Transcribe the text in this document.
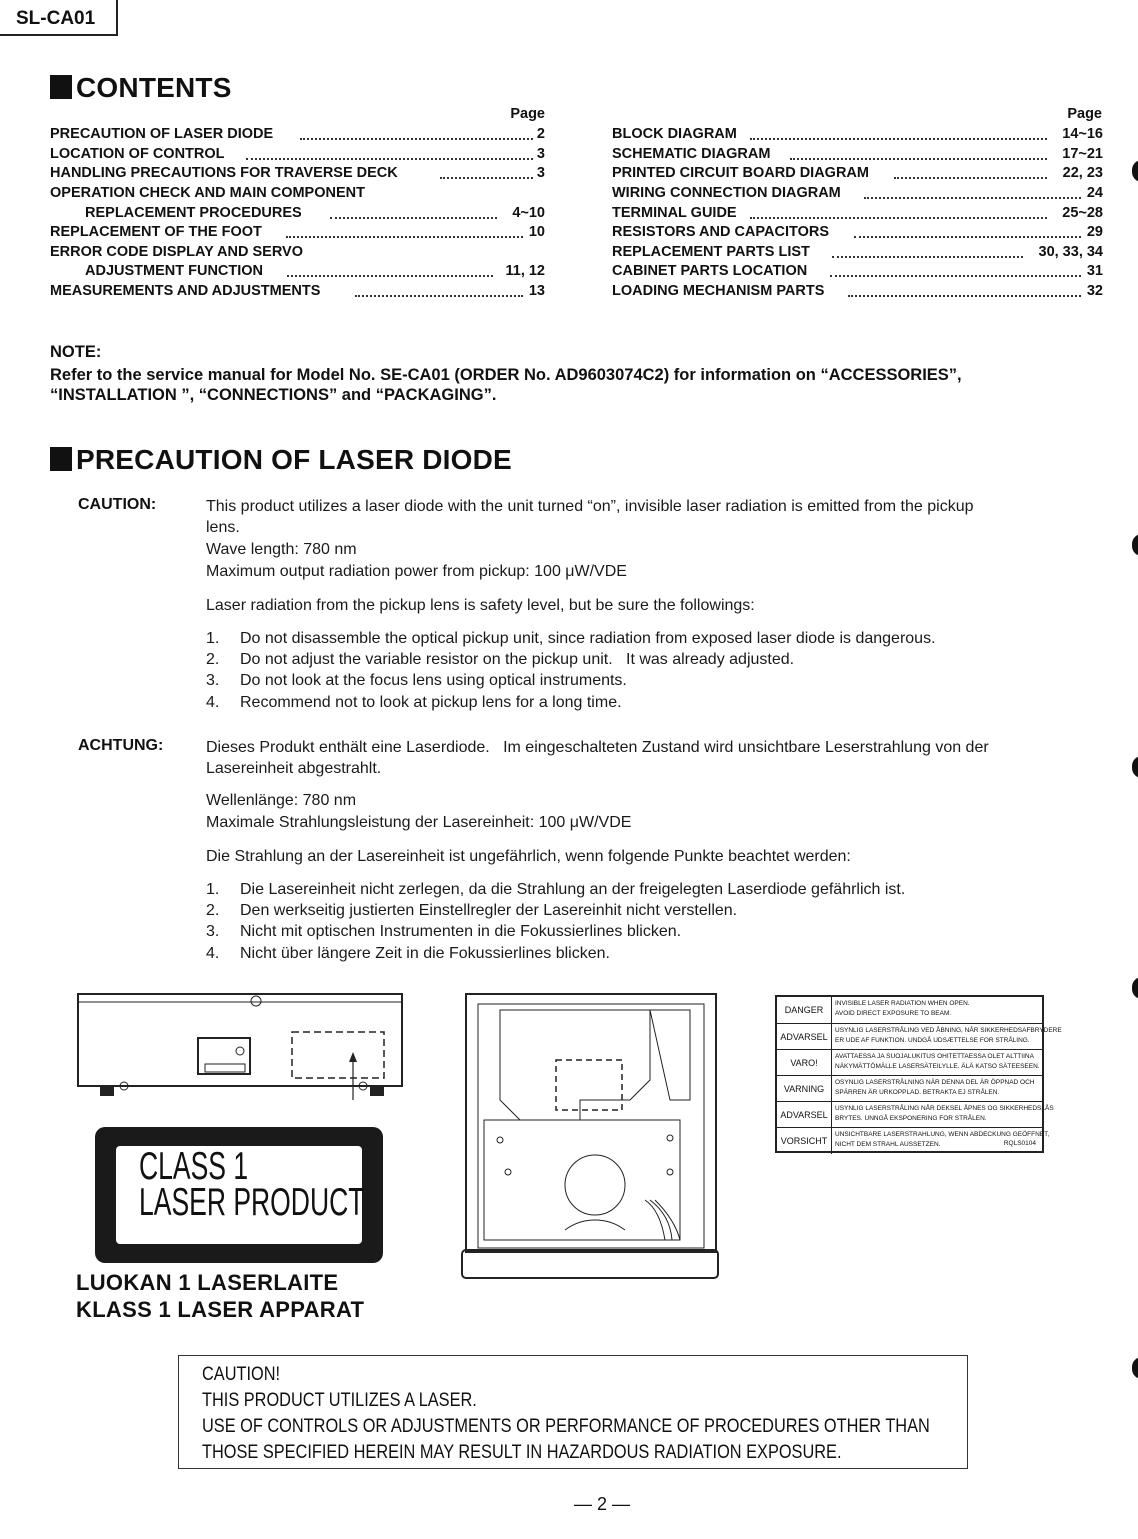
SL-CA01
CONTENTS
Page	Page
PRECAUTION OF LASER DIODE	2
LOCATION OF CONTROL	3
HANDLING PRECAUTIONS FOR TRAVERSE DECK	3
OPERATION CHECK AND MAIN COMPONENT
REPLACEMENT PROCEDURES	4~10
REPLACEMENT OF THE FOOT	10
ERROR CODE DISPLAY AND SERVO
ADJUSTMENT FUNCTION	11, 12
MEASUREMENTS AND ADJUSTMENTS	13
BLOCK DIAGRAM	14~16
SCHEMATIC DIAGRAM	17~21
PRINTED CIRCUIT BOARD DIAGRAM	22, 23
WIRING CONNECTION DIAGRAM	24
TERMINAL GUIDE	25~28
RESISTORS AND CAPACITORS	29
REPLACEMENT PARTS LIST	30, 33, 34
CABINET PARTS LOCATION	31
LOADING MECHANISM PARTS	32
NOTE:
Refer to the service manual for Model No. SE-CA01 (ORDER No. AD9603074C2) for information on “ACCESSORIES”,
“INSTALLATION ”, “CONNECTIONS” and “PACKAGING”.
PRECAUTION OF LASER DIODE
CAUTION:	This product utilizes a laser diode with the unit turned “on”, invisible laser radiation is emitted from the pickup
lens.
Wave length: 780 nm
Maximum output radiation power from pickup: 100 μW/VDE
Laser radiation from the pickup lens is safety level, but be sure the followings:
1.	Do not disassemble the optical pickup unit, since radiation from exposed laser diode is dangerous.
2.	Do not adjust the variable resistor on the pickup unit.   It was already adjusted.
3.	Do not look at the focus lens using optical instruments.
4.	Recommend not to look at pickup lens for a long time.
ACHTUNG:	Dieses Produkt enthält eine Laserdiode.   Im eingeschalteten Zustand wird unsichtbare Leserstrahlung von der
Lasereinheit abgestrahlt.
Wellenlänge: 780 nm
Maximale Strahlungsleistung der Lasereinheit: 100 μW/VDE
Die Strahlung an der Lasereinheit ist ungefährlich, wenn folgende Punkte beachtet werden:
1.	Die Lasereinheit nicht zerlegen, da die Strahlung an der freigelegten Laserdiode gefährlich ist.
2.	Den werkseitig justierten Einstellregler der Lasereinhit nicht verstellen.
3.	Nicht mit optischen Instrumenten in die Fokussierlines blicken.
4.	Nicht über längere Zeit in die Fokussierlines blicken.
CLASS 1
LASER PRODUCT
LUOKAN 1 LASERLAITE
KLASS 1 LASER APPARAT
DANGER
INVISIBLE LASER RADIATION WHEN OPEN.
AVOID DIRECT EXPOSURE TO BEAM.
ADVARSEL
USYNLIG LASERSTRÅLING VED ÅBNING, NÅR SIKKERHEDSAFBRYDERE
ER UDE AF FUNKTION. UNDGÅ UDSÆTTELSE FOR STRÅLING.
VARO!
AVATTAESSA JA SUOJALUKITUS OHITETTAESSA OLET ALTTIINA
NÄKYMÄTTÖMÄLLE LASERSÄTEILYLLE. ÄLÄ KATSO SÄTEESEEN.
VARNING
OSYNLIG LASERSTRÅLNING NÄR DENNA DEL ÄR ÖPPNAD OCH
SPÄRREN ÄR URKOPPLAD. BETRAKTA EJ STRÅLEN.
ADVARSEL
USYNLIG LASERSTRÅLING NÅR DEKSEL ÅPNES OG SIKKERHEDSLÅS
BRYTES. UNNGÅ EKSPONERING FOR STRÅLEN.
VORSICHT
UNSICHTBARE LASERSTRAHLUNG, WENN ABDECKUNG GEÖFFNET,
NICHT DEM STRAHL AUSSETZEN.	RQLS0104
CAUTION!
THIS PRODUCT UTILIZES A LASER.
USE OF CONTROLS OR ADJUSTMENTS OR PERFORMANCE OF PROCEDURES OTHER THAN
THOSE SPECIFIED HEREIN MAY RESULT IN HAZARDOUS RADIATION EXPOSURE.
— 2 —
